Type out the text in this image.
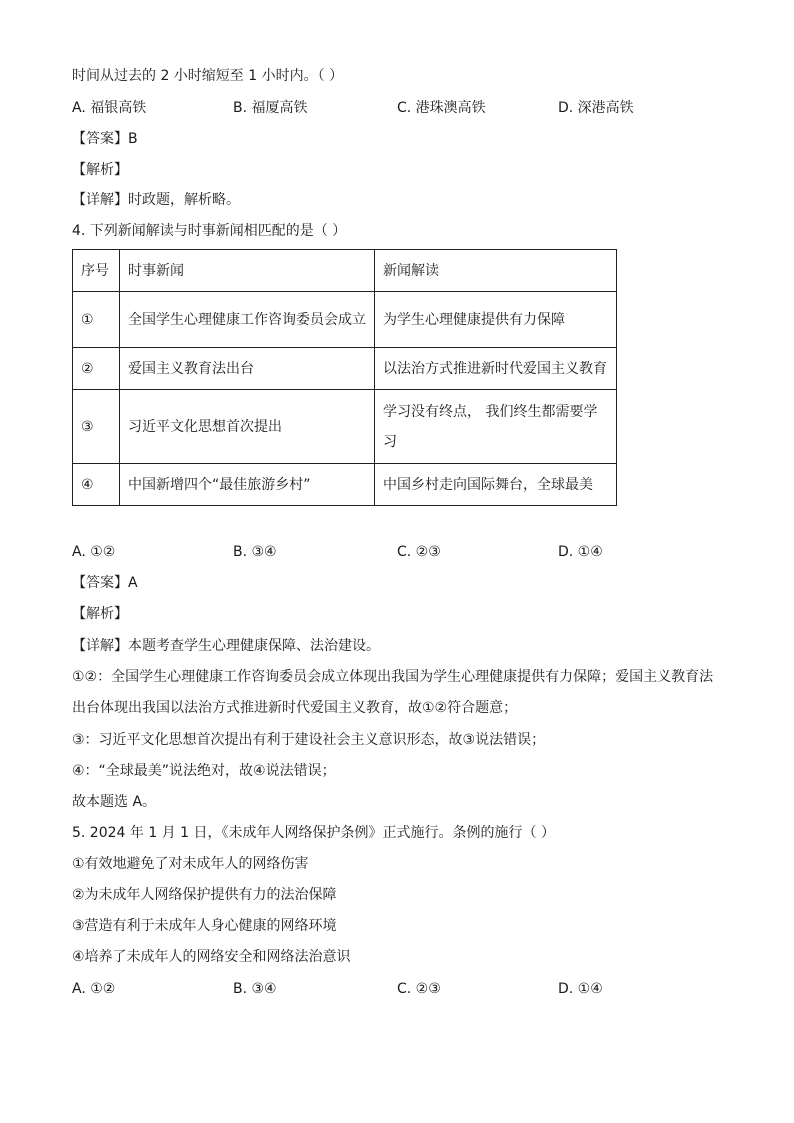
时间从过去的 2 小时缩短至 1 小时内。（ ）
A. 福银高铁	B. 福厦高铁	C. 港珠澳高铁	D. 深港高铁
【答案】B
【解析】
【详解】时政题，解析略。
4. 下列新闻解读与时事新闻相匹配的是（ ）
序号	时事新闻	新闻解读
①	全国学生心理健康工作咨询委员会成立	为学生心理健康提供有力保障
②	爱国主义教育法出台	以法治方式推进新时代爱国主义教育
③	习近平文化思想首次提出	学习没有终点， 我们终生都需要学习
④	中国新增四个“最佳旅游乡村”	中国乡村走向国际舞台，全球最美
A. ①②	B. ③④	C. ②③	D. ①④
【答案】A
【解析】
【详解】本题考查学生心理健康保障、法治建设。
①②：全国学生心理健康工作咨询委员会成立体现出我国为学生心理健康提供有力保障；爱国主义教育法
出台体现出我国以法治方式推进新时代爱国主义教育，故①②符合题意；
③：习近平文化思想首次提出有利于建设社会主义意识形态，故③说法错误；
④：“全球最美”说法绝对，故④说法错误；
故本题选 A。
5. 2024 年 1 月 1 日，《未成年人网络保护条例》正式施行。条例的施行（ ）
①有效地避免了对未成年人的网络伤害
②为未成年人网络保护提供有力的法治保障
③营造有利于未成年人身心健康的网络环境
④培养了未成年人的网络安全和网络法治意识
A. ①②	B. ③④	C. ②③	D. ①④
